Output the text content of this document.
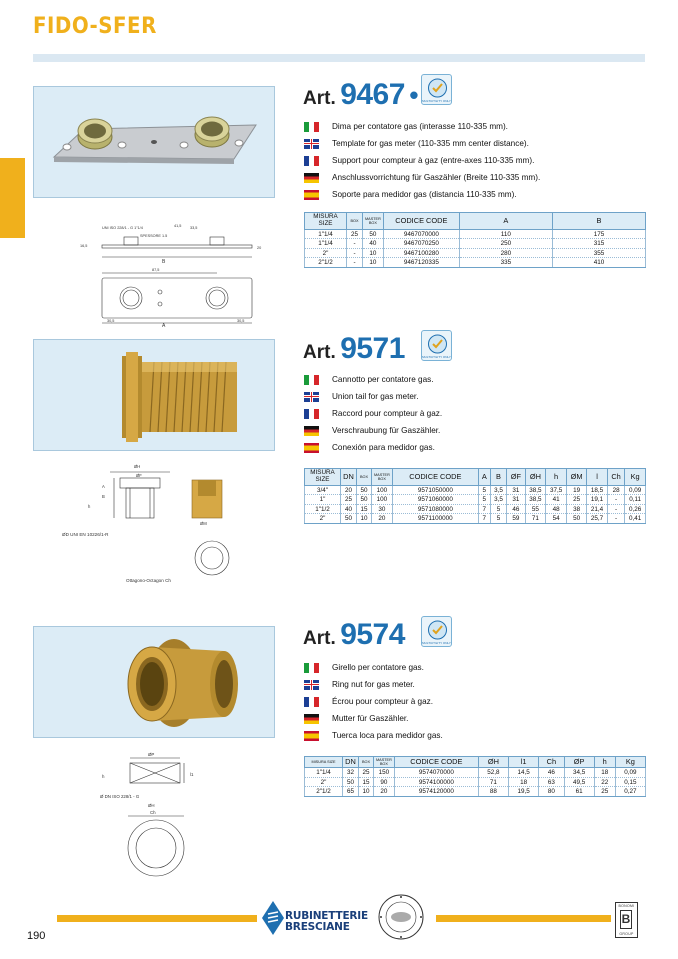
FIDO-SFER
UNI ISO 228/1 - G 1"1/4
SPESSORE 1.5
41,5 33,5
B
87,5
A
30,5	30,5
16,5	20
Art. 9467 • MULTIUTILITY ONLY
Dima per contatore gas (interasse 110-335 mm).
Template for gas meter (110-335 mm center distance).
Support pour compteur à gaz (entre-axes 110-335 mm).
Anschlussvorrichtung für Gaszähler (Breite 110-335 mm).
Soporte para medidor gas (distancia 110-335 mm).
MISURA SIZE	BOX	MASTER BOX	CODICE CODE	A	B
1"1/4	25	50	9467070000	110	175
1"1/4	-	40	9467070250	250	315
2"	-	10	9467100280	280	355
2"1/2	-	10	9467120335	335	410
ØH
ØF
A
B
h
ØM
ØD UNI EN 10226/1-R
Ottagono-Octagon Ch
Art. 9571	MULTIUTILITY ONLY
Cannotto per contatore gas.
Union tail for gas meter.
Raccord pour compteur à gaz.
Verschraubung für Gaszähler.
Conexión para medidor gas.
MISURA SIZE	DN	BOX	MASTER BOX	CODICE CODE	A	B	ØF	ØH	h	ØM	l	Ch	Kg
3/4"	20	50	100	9571050000	5	3,5	31	38,5	37,5	19	18,5	28	0,09
1"	25	50	100	9571060000	5	3,5	31	38,5	41	25	19,1	-	0,11
1"1/2	40	15	30	9571080000	7	5	46	55	48	38	21,4	-	0,26
2"	50	10	20	9571100000	7	5	59	71	54	50	25,7	-	0,41
ØP
h	l1
Ø DN ISO 228/1 - G
ØH
Ch
Art. 9574	MULTIUTILITY ONLY
Girello per contatore gas.
Ring nut for gas meter.
Écrou pour compteur à gaz.
Mutter für Gaszähler.
Tuerca loca para medidor gas.
MISURA SIZE	DN	BOX	MASTER BOX	CODICE CODE	ØH	l1	Ch	ØP	h	Kg
1"1/4	32	25	150	9574070000	52,8	14,5	46	34,5	18	0,09
2"	50	15	90	9574100000	71	18	63	49,5	22	0,15
2"1/2	65	10	20	9574120000	88	19,5	80	61	25	0,27
190
RUBINETTERIE
BRESCIANE
BONOMI
B
GROUP
